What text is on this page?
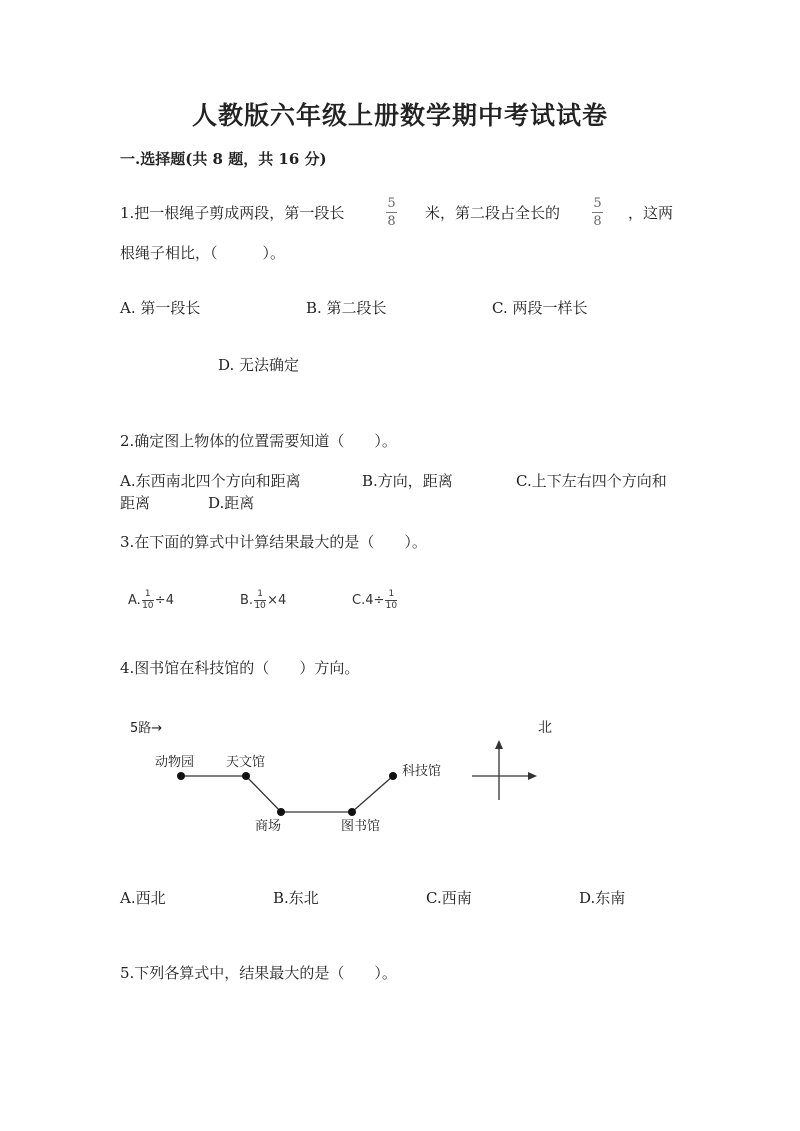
人教版六年级上册数学期中考试试卷
一.选择题(共 8 题，共 16 分)
1.把一根绳子剪成两段，第一段长
5
8 米，第二段占全长的
5
8 ，这两
根绳子相比，（　　　）。
A. 第一段长	B. 第二段长	C. 两段一样长
D. 无法确定
2.确定图上物体的位置需要知道（　　）。
A.东西南北四个方向和距离	B.方向，距离	C.上下左右四个方向和
距离	D.距离
3.在下面的算式中计算结果最大的是（　　）。
A. $\frac{1}{10} \div 4$	B. $\frac{1}{10} \times 4$	$C.4\div \frac{1}{10}$
4.图书馆在科技馆的（　　）方向。
5路→	北
动物园 天文馆
商场	图书馆
科技馆
A.西北	B.东北	C.西南	D.东南
5.下列各算式中，结果最大的是（　　）。
